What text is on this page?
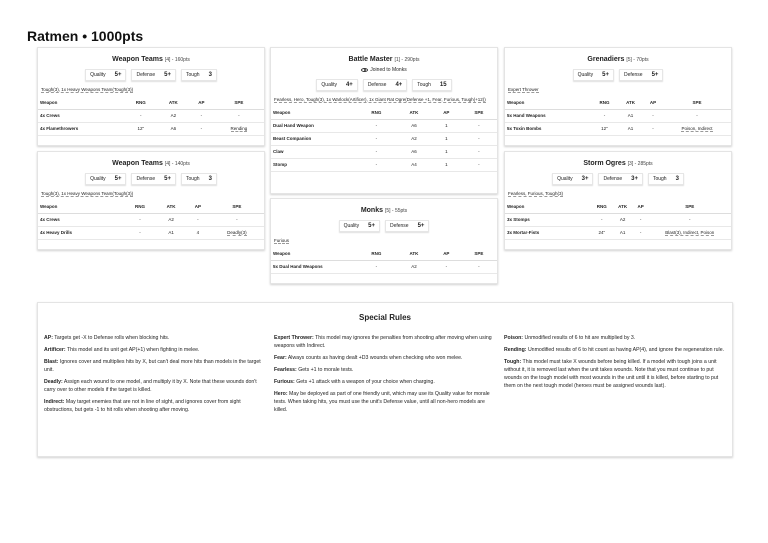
Ratmen • 1000pts
Weapon Teams [4] - 160pts
Quality 5+	Defense 5+	Tough 3
Tough(3), 1x Heavy Weapons Team(Tough(3))
Weapon	RNG	ATK	AP	SPE
4x Crews	-	A2	-	-
4x Flamethrowers	12"	A6	-	Rending
Battle Master [1] - 290pts
Joined to Monks
Quality 4+	Defense 4+	Tough 15
Fearless, Hero, Tough(3), 1x Warlock(Artificer), 1x Giant Rat Ogre(Defense +1, Fear, Furious, Tough(+12))
Weapon	RNG	ATK	AP	SPE
Dual Hand Weapon	-	A6	1	-
Beast Companion	-	A2	1	-
Claw	-	A6	1	-
Stomp	-	A4	1	-
Grenadiers [5] - 70pts
Quality 5+	Defense 5+
Expert Thrower
Weapon	RNG	ATK	AP	SPE
5x Hand Weapons	-	A1	-	-
5x Toxin Bombs	12"	A1	-	Poison, Indirect
Weapon Teams [4] - 140pts
Quality 5+	Defense 5+	Tough 3
Tough(3), 1x Heavy Weapons Team(Tough(3))
Weapon	RNG	ATK	AP	SPE
4x Crews	-	A2	-	-
4x Heavy Drills	-	A1	4	Deadly(3)
Monks [5] - 55pts
Quality 5+	Defense 5+
Furious
Weapon	RNG	ATK	AP	SPE
5x Dual Hand Weapons	-	A2	-	-
Storm Ogres [3] - 285pts
Quality 3+	Defense 3+	Tough 3
Fearless, Furious, Tough(3)
Weapon	RNG	ATK	AP	SPE
3x Stomps	-	A2	-	-
3x Mortar-Fists	24"	A1	-	Blast(3), Indirect, Poison
Special Rules

AP: Targets get -X to Defense rolls when blocking hits.

Artificer: This model and its unit get AP(+1) when fighting in melee.

Blast: Ignores cover and multiplies hits by X, but can't deal more hits than models in the target unit.

Deadly: Assign each wound to one model, and multiply it by X. Note that these wounds don't carry over to other models if the target is killed.

Indirect: May target enemies that are not in line of sight, and ignores cover from sight obstructions, but gets -1 to hit rolls when shooting after moving.

Expert Thrower: This model may ignores the penalties from shooting after moving when using weapons with Indirect.

Fear: Always counts as having dealt +D3 wounds when checking who won melee.

Fearless: Gets +1 to morale tests.

Furious: Gets +1 attack with a weapon of your choice when charging.

Hero: May be deployed as part of one friendly unit, which may use its Quality value for morale tests. When taking hits, you must use the unit's Defense value, until all non-hero models are killed.

Poison: Unmodified results of 6 to hit are multiplied by 3.

Rending: Unmodified results of 6 to hit count as having AP(4), and ignore the regeneration rule.

Tough: This model must take X wounds before being killed. If a model with tough joins a unit without it, it is removed last when the unit takes wounds. Note that you must continue to put wounds on the tough model with most wounds in the unit until it is killed, before starting to put them on the next tough model (heroes must be assigned wounds last).
